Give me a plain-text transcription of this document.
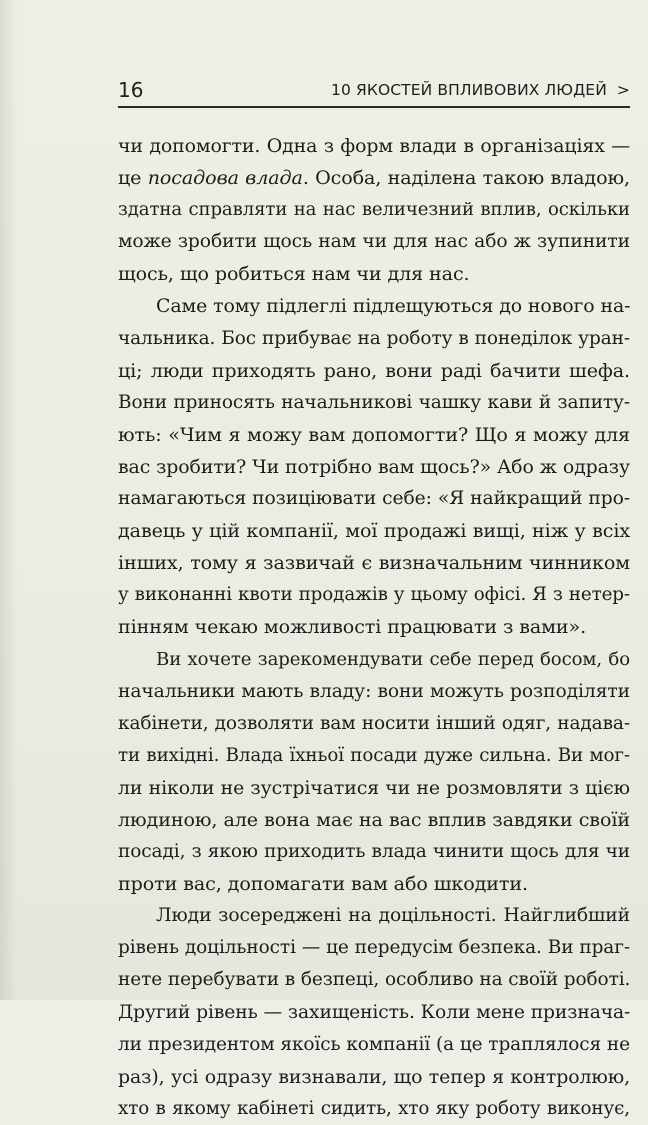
16	10 ЯКОСТЕЙ ВПЛИВОВИХ ЛЮДЕЙ >
чи допомогти. Одна з форм влади в організаціях —
це посадова влада. Особа, наділена такою владою,
здатна справляти на нас величезний вплив, оскільки
може зробити щось нам чи для нас або ж зупинити
щось, що робиться нам чи для нас.
Саме тому підлеглі підлещуються до нового на-
чальника. Бос прибуває на роботу в понеділок уран-
ці; люди приходять рано, вони раді бачити шефа.
Вони приносять начальникові чашку кави й запиту-
ють: «Чим я можу вам допомогти? Що я можу для
вас зробити? Чи потрібно вам щось?» Або ж одразу
намагаються позиціювати себе: «Я найкращий про-
давець у цій компанії, мої продажі вищі, ніж у всіх
інших, тому я зазвичай є визначальним чинником
у виконанні квоти продажів у цьому офісі. Я з нетер-
пінням чекаю можливості працювати з вами».
Ви хочете зарекомендувати себе перед босом, бо
начальники мають владу: вони можуть розподіляти
кабінети, дозволяти вам носити інший одяг, надава-
ти вихідні. Влада їхньої посади дуже сильна. Ви мог-
ли ніколи не зустрічатися чи не розмовляти з цією
людиною, але вона має на вас вплив завдяки своїй
посаді, з якою приходить влада чинити щось для чи
проти вас, допомагати вам або шкодити.
Люди зосереджені на доцільності. Найглибший
рівень доцільності — це передусім безпека. Ви праг-
нете перебувати в безпеці, особливо на своїй роботі.
Другий рівень — захищеність. Коли мене признача-
ли президентом якоїсь компанії (а це траплялося не
раз), усі одразу визнавали, що тепер я контролюю,
хто в якому кабінеті сидить, хто яку роботу виконує,
